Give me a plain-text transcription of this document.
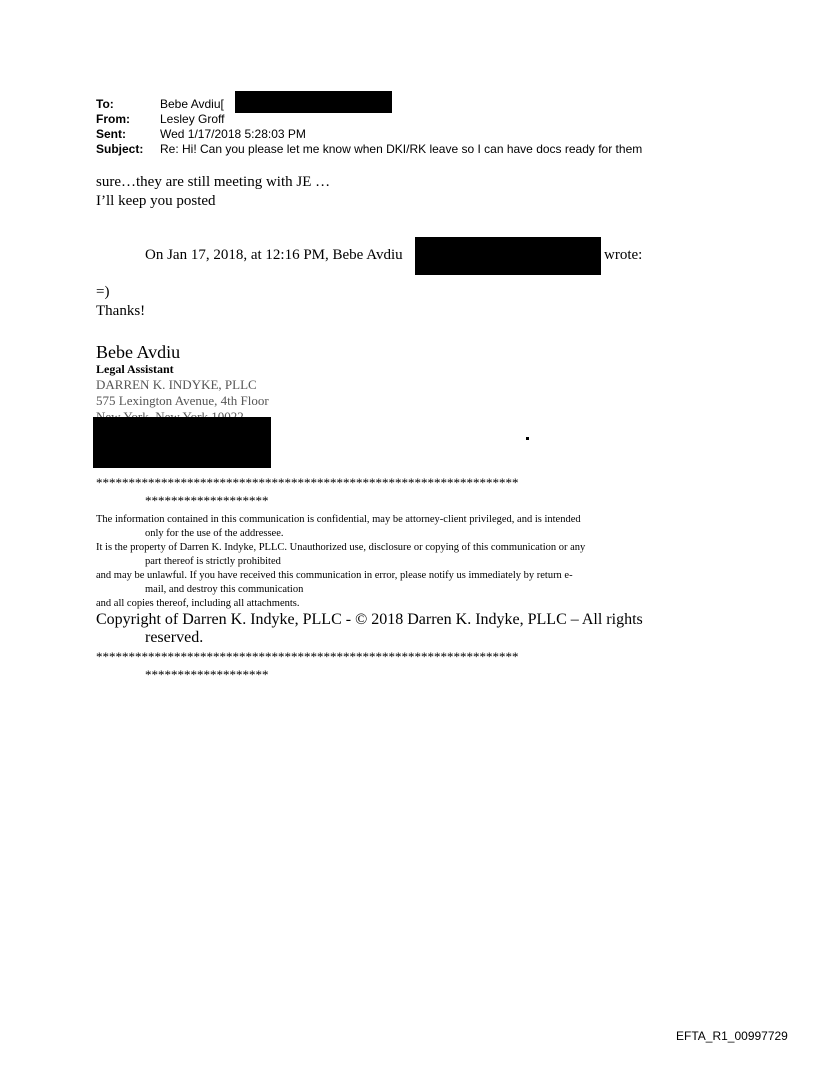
To:	Bebe Avdiu[
From:	Lesley Groff
Sent:	Wed 1/17/2018 5:28:03 PM
Subject: Re: Hi! Can you please let me know when DKI/RK leave so I can have docs ready for them
sure…they are still meeting with JE …
I’ll keep you posted
On Jan 17, 2018, at 12:16 PM, Bebe Avdiu	wrote:
=)
Thanks!
Bebe Avdiu
Legal Assistant
DARREN K. INDYKE, PLLC
575 Lexington Avenue, 4th Floor
*****************************************************************
*******************
The information contained in this communication is confidential, may be attorney-client privileged, and is intended
only for the use of the addressee.
It is the property of Darren K. Indyke, PLLC. Unauthorized use, disclosure or copying of this communication or any
part thereof is strictly prohibited
and may be unlawful. If you have received this communication in error, please notify us immediately by return e-
mail, and destroy this communication
and all copies thereof, including all attachments.
Copyright of Darren K. Indyke, PLLC - © 2018 Darren K. Indyke, PLLC – All rights
reserved.
*****************************************************************
*******************
EFTA_R1_00997729
